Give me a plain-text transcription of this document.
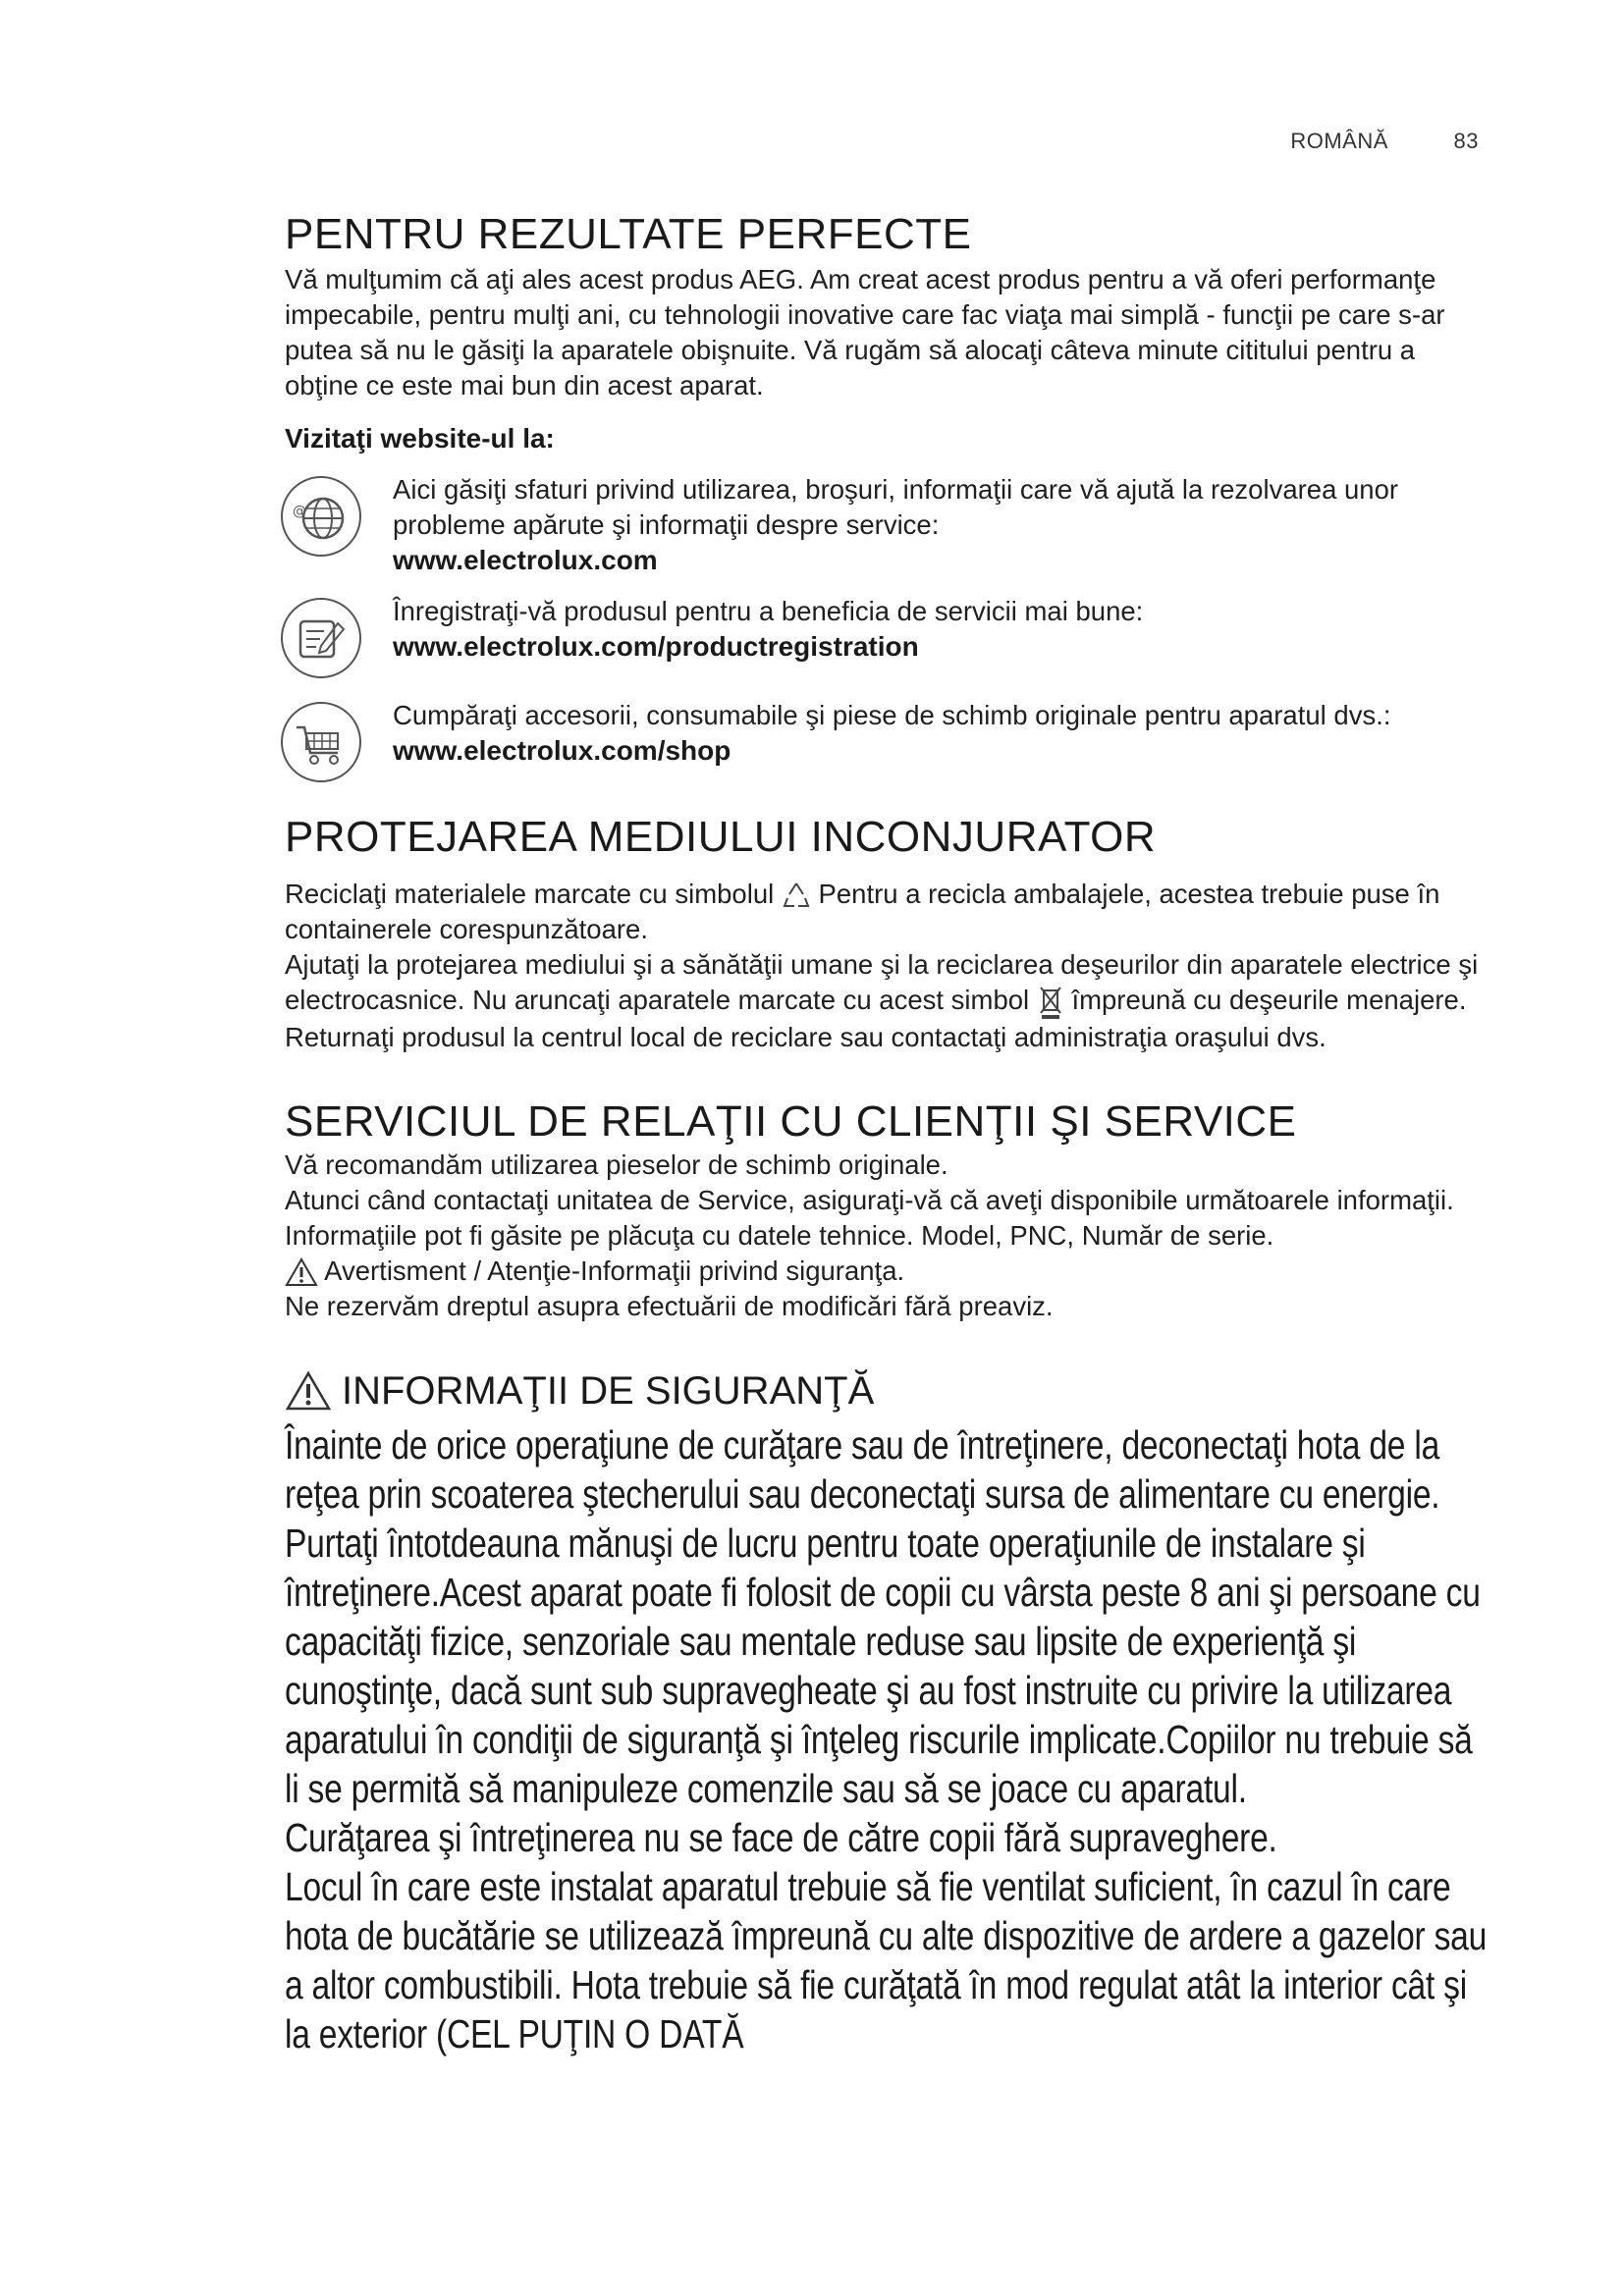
ROMÂNĂ	83
PENTRU REZULTATE PERFECTE

Vă mulţumim că aţi ales acest produs AEG. Am creat acest produs pentru a vă oferi performanţe impecabile, pentru mulţi ani, cu tehnologii inovative care fac viaţa mai simplă - funcţii pe care s-ar putea să nu le găsiţi la aparatele obişnuite. Vă rugăm să alocaţi câteva minute cititului pentru a obţine ce este mai bun din acest aparat.

Vizitaţi website-ul la:
@

Aici găsiţi sfaturi privind utilizarea, broşuri, informaţii care vă ajută la rezolvarea unor probleme apărute şi informaţii despre service:

www.electrolux.com

Înregistraţi-vă produsul pentru a beneficia de servicii mai bune:

www.electrolux.com/productregistration

Cumpăraţi accesorii, consumabile şi piese de schimb originale pentru aparatul dvs.:

www.electrolux.com/shop
PROTEJAREA MEDIULUI INCONJURATOR

Reciclaţi materialele marcate cu simbolul Pentru a recicla ambalajele, acestea trebuie puse în containerele corespunzătoare.

Ajutaţi la protejarea mediului şi a sănătăţii umane şi la reciclarea deşeurilor din aparatele electrice şi electrocasnice. Nu aruncaţi aparatele marcate cu acest simbol împreună cu deşeurile menajere. Returnaţi produsul la centrul local de reciclare sau contactaţi administraţia oraşului dvs.

SERVICIUL DE RELAŢII CU CLIENŢII ŞI SERVICE

Vă recomandăm utilizarea pieselor de schimb originale.

Atunci când contactaţi unitatea de Service, asiguraţi-vă că aveţi disponibile următoarele informaţii.

Informaţiile pot fi găsite pe plăcuţa cu datele tehnice. Model, PNC, Număr de serie.

Avertisment / Atenţie-Informaţii privind siguranţa.

Ne rezervăm dreptul asupra efectuării de modificări fără preaviz.

INFORMAŢII DE SIGURANŢĂ

Înainte de orice operaţiune de curăţare sau de întreţinere, deconectaţi hota de la reţea prin scoaterea ştecherului sau deconectaţi sursa de alimentare cu energie. Purtaţi întotdeauna mănuşi de lucru pentru toate operaţiunile de instalare şi întreţinere.Acest aparat poate fi folosit de copii cu vârsta peste 8 ani şi persoane cu capacităţi fizice, senzoriale sau mentale reduse sau lipsite de experienţă şi cunoştinţe, dacă sunt sub supravegheate şi au fost instruite cu privire la utilizarea aparatului în condiţii de siguranţă şi înţeleg riscurile implicate.Copiilor nu trebuie să li se permită să manipuleze comenzile sau să se joace cu aparatul.

Curăţarea şi întreţinerea nu se face de către copii fără supraveghere.

Locul în care este instalat aparatul trebuie să fie ventilat suficient, în cazul în care hota de bucătărie se utilizează împreună cu alte dispozitive de ardere a gazelor sau a altor combustibili. Hota trebuie să fie curăţată în mod regulat atât la interior cât şi la exterior (CEL PUŢIN O DATĂ
